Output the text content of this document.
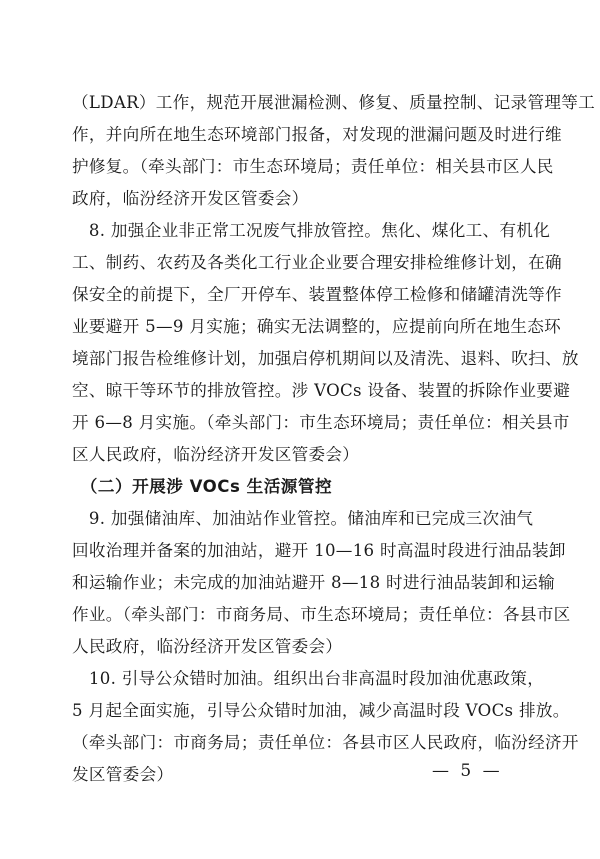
（LDAR）工作，规范开展泄漏检测、修复、质量控制、记录管理等工
作，并向所在地生态环境部门报备，对发现的泄漏问题及时进行维
护修复。（牵头部门：市生态环境局；责任单位：相关县市区人民
政府，临汾经济开发区管委会）
　8. 加强企业非正常工况废气排放管控。焦化、煤化工、有机化
工、制药、农药及各类化工行业企业要合理安排检维修计划，在确
保安全的前提下，全厂开停车、装置整体停工检修和储罐清洗等作
业要避开 5—9 月实施；确实无法调整的，应提前向所在地生态环
境部门报告检维修计划，加强启停机期间以及清洗、退料、吹扫、放
空、晾干等环节的排放管控。涉 VOCs 设备、装置的拆除作业要避
开 6—8 月实施。（牵头部门：市生态环境局；责任单位：相关县市
区人民政府，临汾经济开发区管委会）
　（二）开展涉 VOCs 生活源管控
　9. 加强储油库、加油站作业管控。储油库和已完成三次油气
回收治理并备案的加油站，避开 10—16 时高温时段进行油品装卸
和运输作业；未完成的加油站避开 8—18 时进行油品装卸和运输
作业。（牵头部门：市商务局、市生态环境局；责任单位：各县市区
人民政府，临汾经济开发区管委会）
　10. 引导公众错时加油。组织出台非高温时段加油优惠政策，
5 月起全面实施，引导公众错时加油，减少高温时段 VOCs 排放。
（牵头部门：市商务局；责任单位：各县市区人民政府，临汾经济开
发区管委会）	— 5 —
